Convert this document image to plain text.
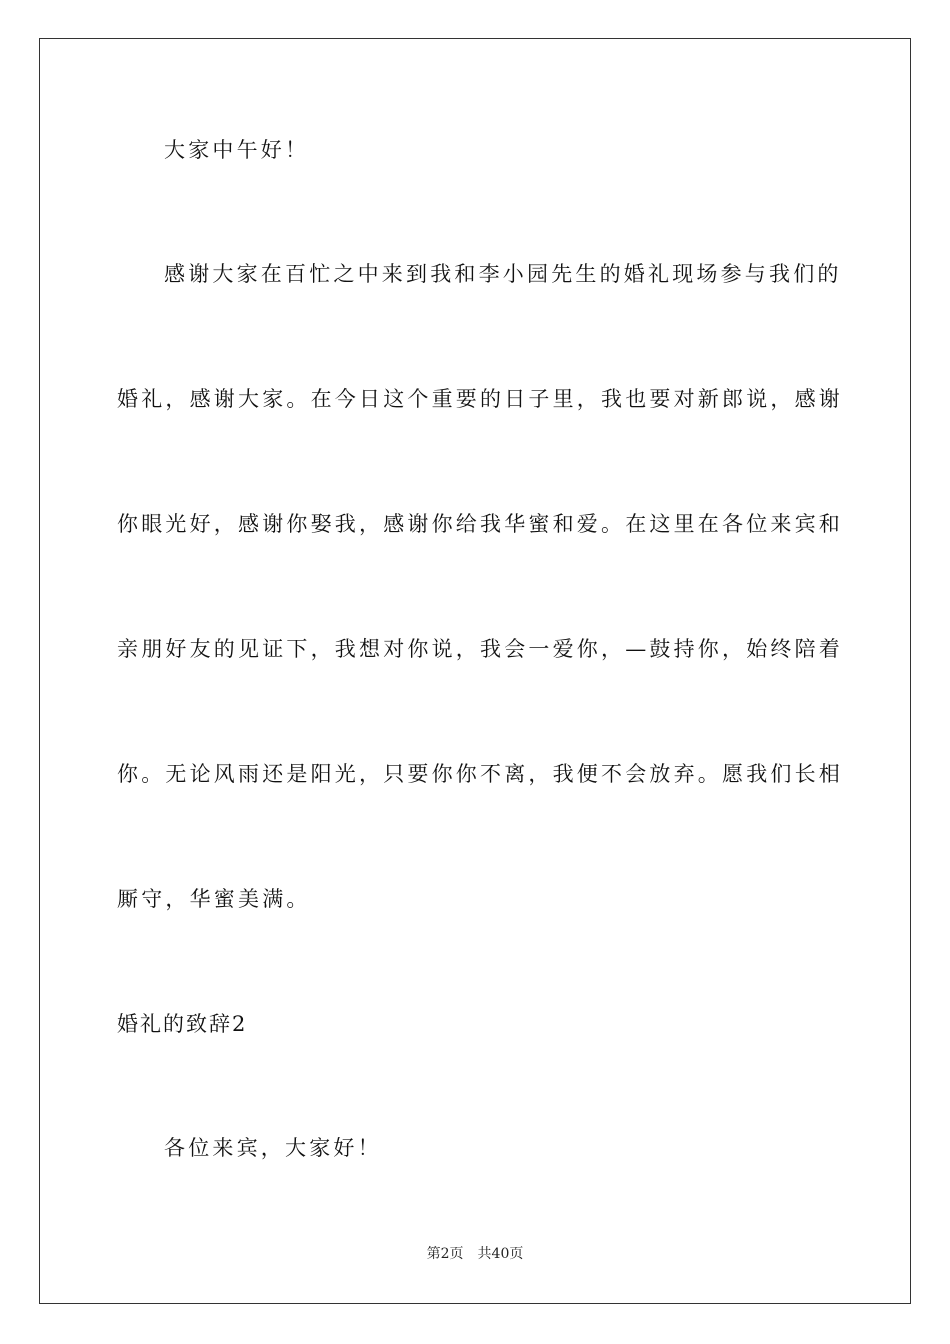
大家中午好！
感谢大家在百忙之中来到我和李小园先生的婚礼现场参与我们的
婚礼，感谢大家。在今日这个重要的日子里，我也要对新郎说，感谢
你眼光好，感谢你娶我，感谢你给我华蜜和爱。在这里在各位来宾和
亲朋好友的见证下，我想对你说，我会一爱你，—鼓持你，始终陪着
你。无论风雨还是阳光，只要你你不离，我便不会放弃。愿我们长相
厮守，华蜜美满。
婚礼的致辞2
各位来宾，大家好！
第2页 共40页
